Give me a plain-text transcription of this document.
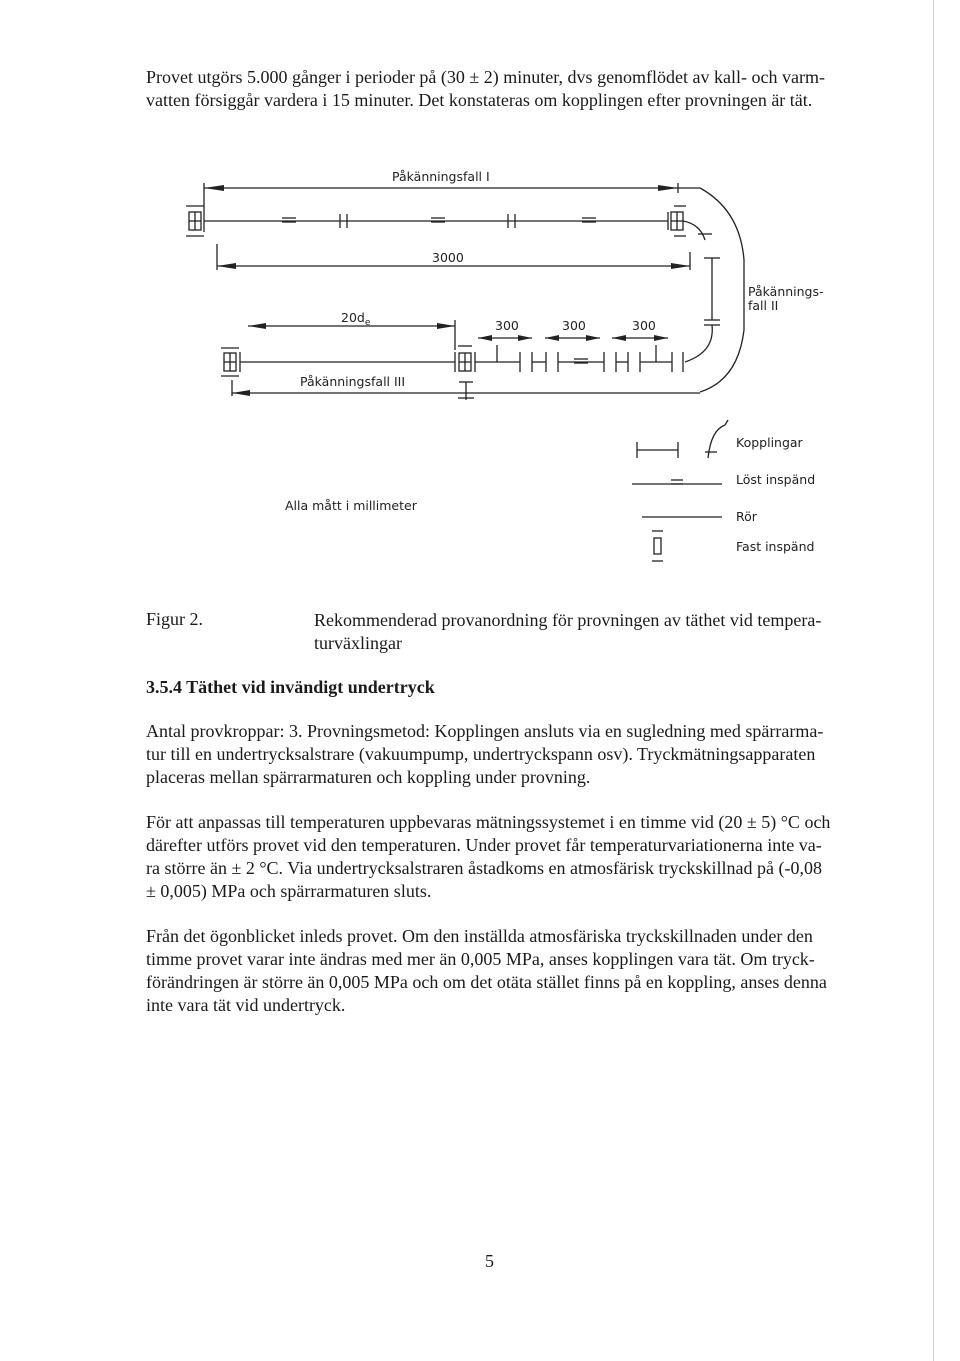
Provet utgörs 5.000 gånger i perioder på (30 ± 2) minuter, dvs genomflödet av kall- och varm-
vatten försiggår vardera i 15 minuter. Det konstateras om kopplingen efter provningen är tät.
Påkänningsfall I
3000
Påkännings-
fall II
$20d_e$	300	300	300
Påkänningsfall III
Kopplingar
Löst inspänd
Alla mått i millimeter
Rör
Fast inspänd
Figur 2.	Rekommenderad provanordning för provningen av täthet vid tempera-
turväxlingar
3.5.4 Täthet vid invändigt undertryck
Antal provkroppar: 3. Provningsmetod: Kopplingen ansluts via en sugledning med spärrarma-
tur till en undertrycksalstrare (vakuumpump, undertryckspann osv). Tryckmätningsapparaten
placeras mellan spärrarmaturen och koppling under provning.
För att anpassas till temperaturen uppbevaras mätningssystemet i en timme vid (20 ± 5) °C och
därefter utförs provet vid den temperaturen. Under provet får temperaturvariationerna inte va-
ra större än ± 2 °C. Via undertrycksalstraren åstadkoms en atmosfärisk tryckskillnad på (-0,08
± 0,005) MPa och spärrarmaturen sluts.
Från det ögonblicket inleds provet. Om den inställda atmosfäriska tryckskillnaden under den
timme provet varar inte ändras med mer än 0,005 MPa, anses kopplingen vara tät. Om tryck-
förändringen är större än 0,005 MPa och om det otäta stället finns på en koppling, anses denna
inte vara tät vid undertryck.
5
